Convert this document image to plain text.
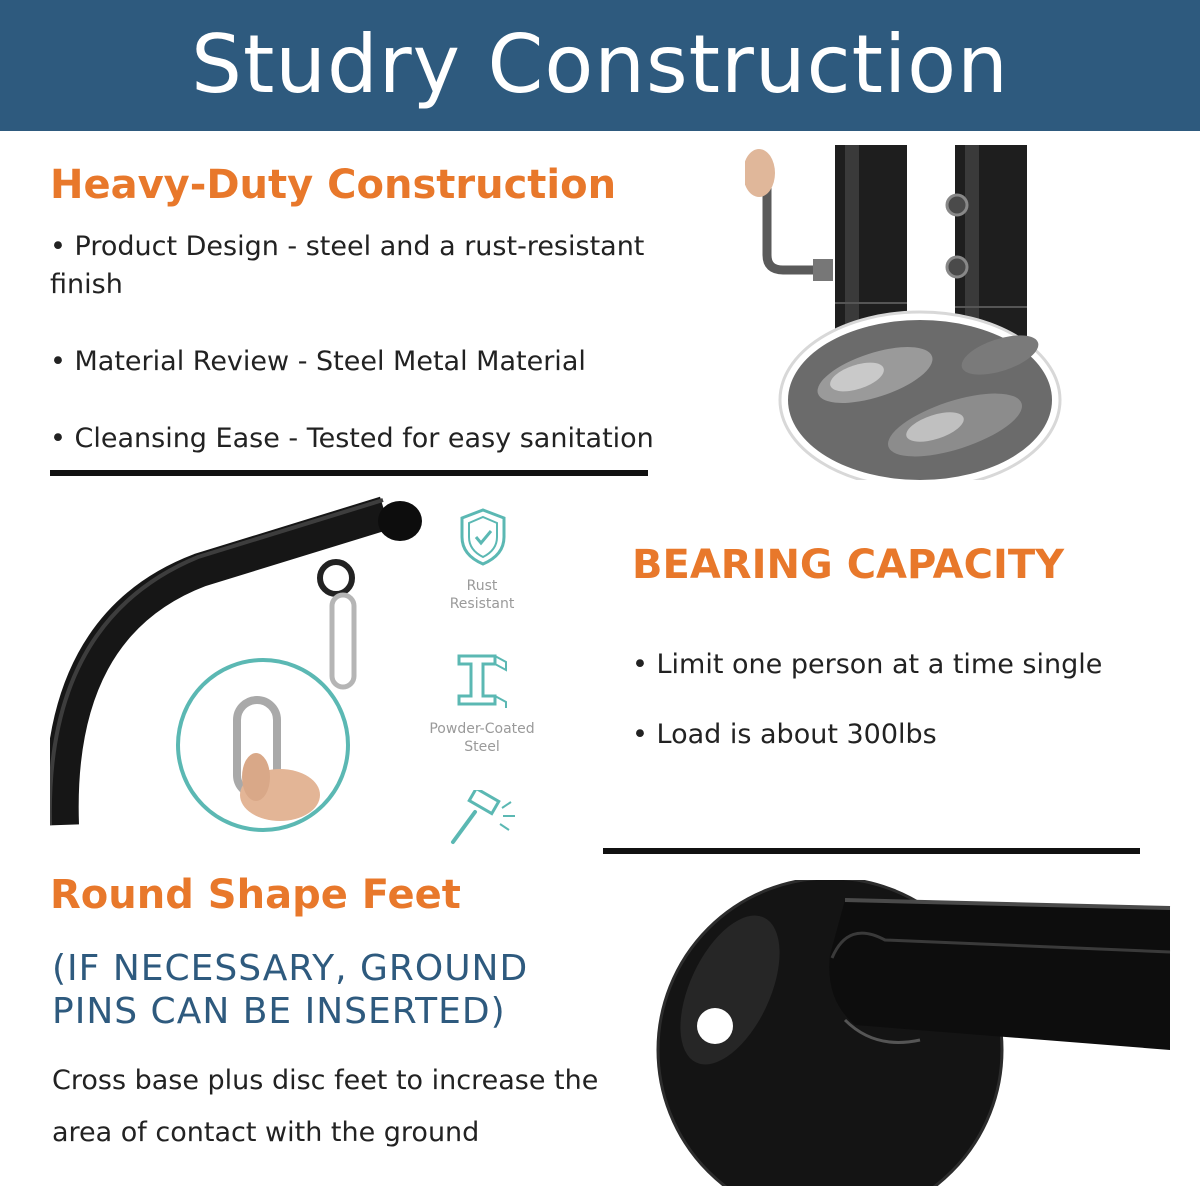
Studry Construction
Heavy-Duty Construction
• Product Design - steel and a rust-resistant
finish
• Material Review - Steel Metal Material
• Cleansing Ease - Tested for easy sanitation
Rust
Resistant
Powder-Coated
Steel
BEARING CAPACITY
• Limit one person at a time single
• Load is about 300lbs
Round Shape Feet
(IF NECESSARY, GROUND
PINS CAN BE INSERTED)
Cross base plus disc feet to increase the
area of contact with the ground
